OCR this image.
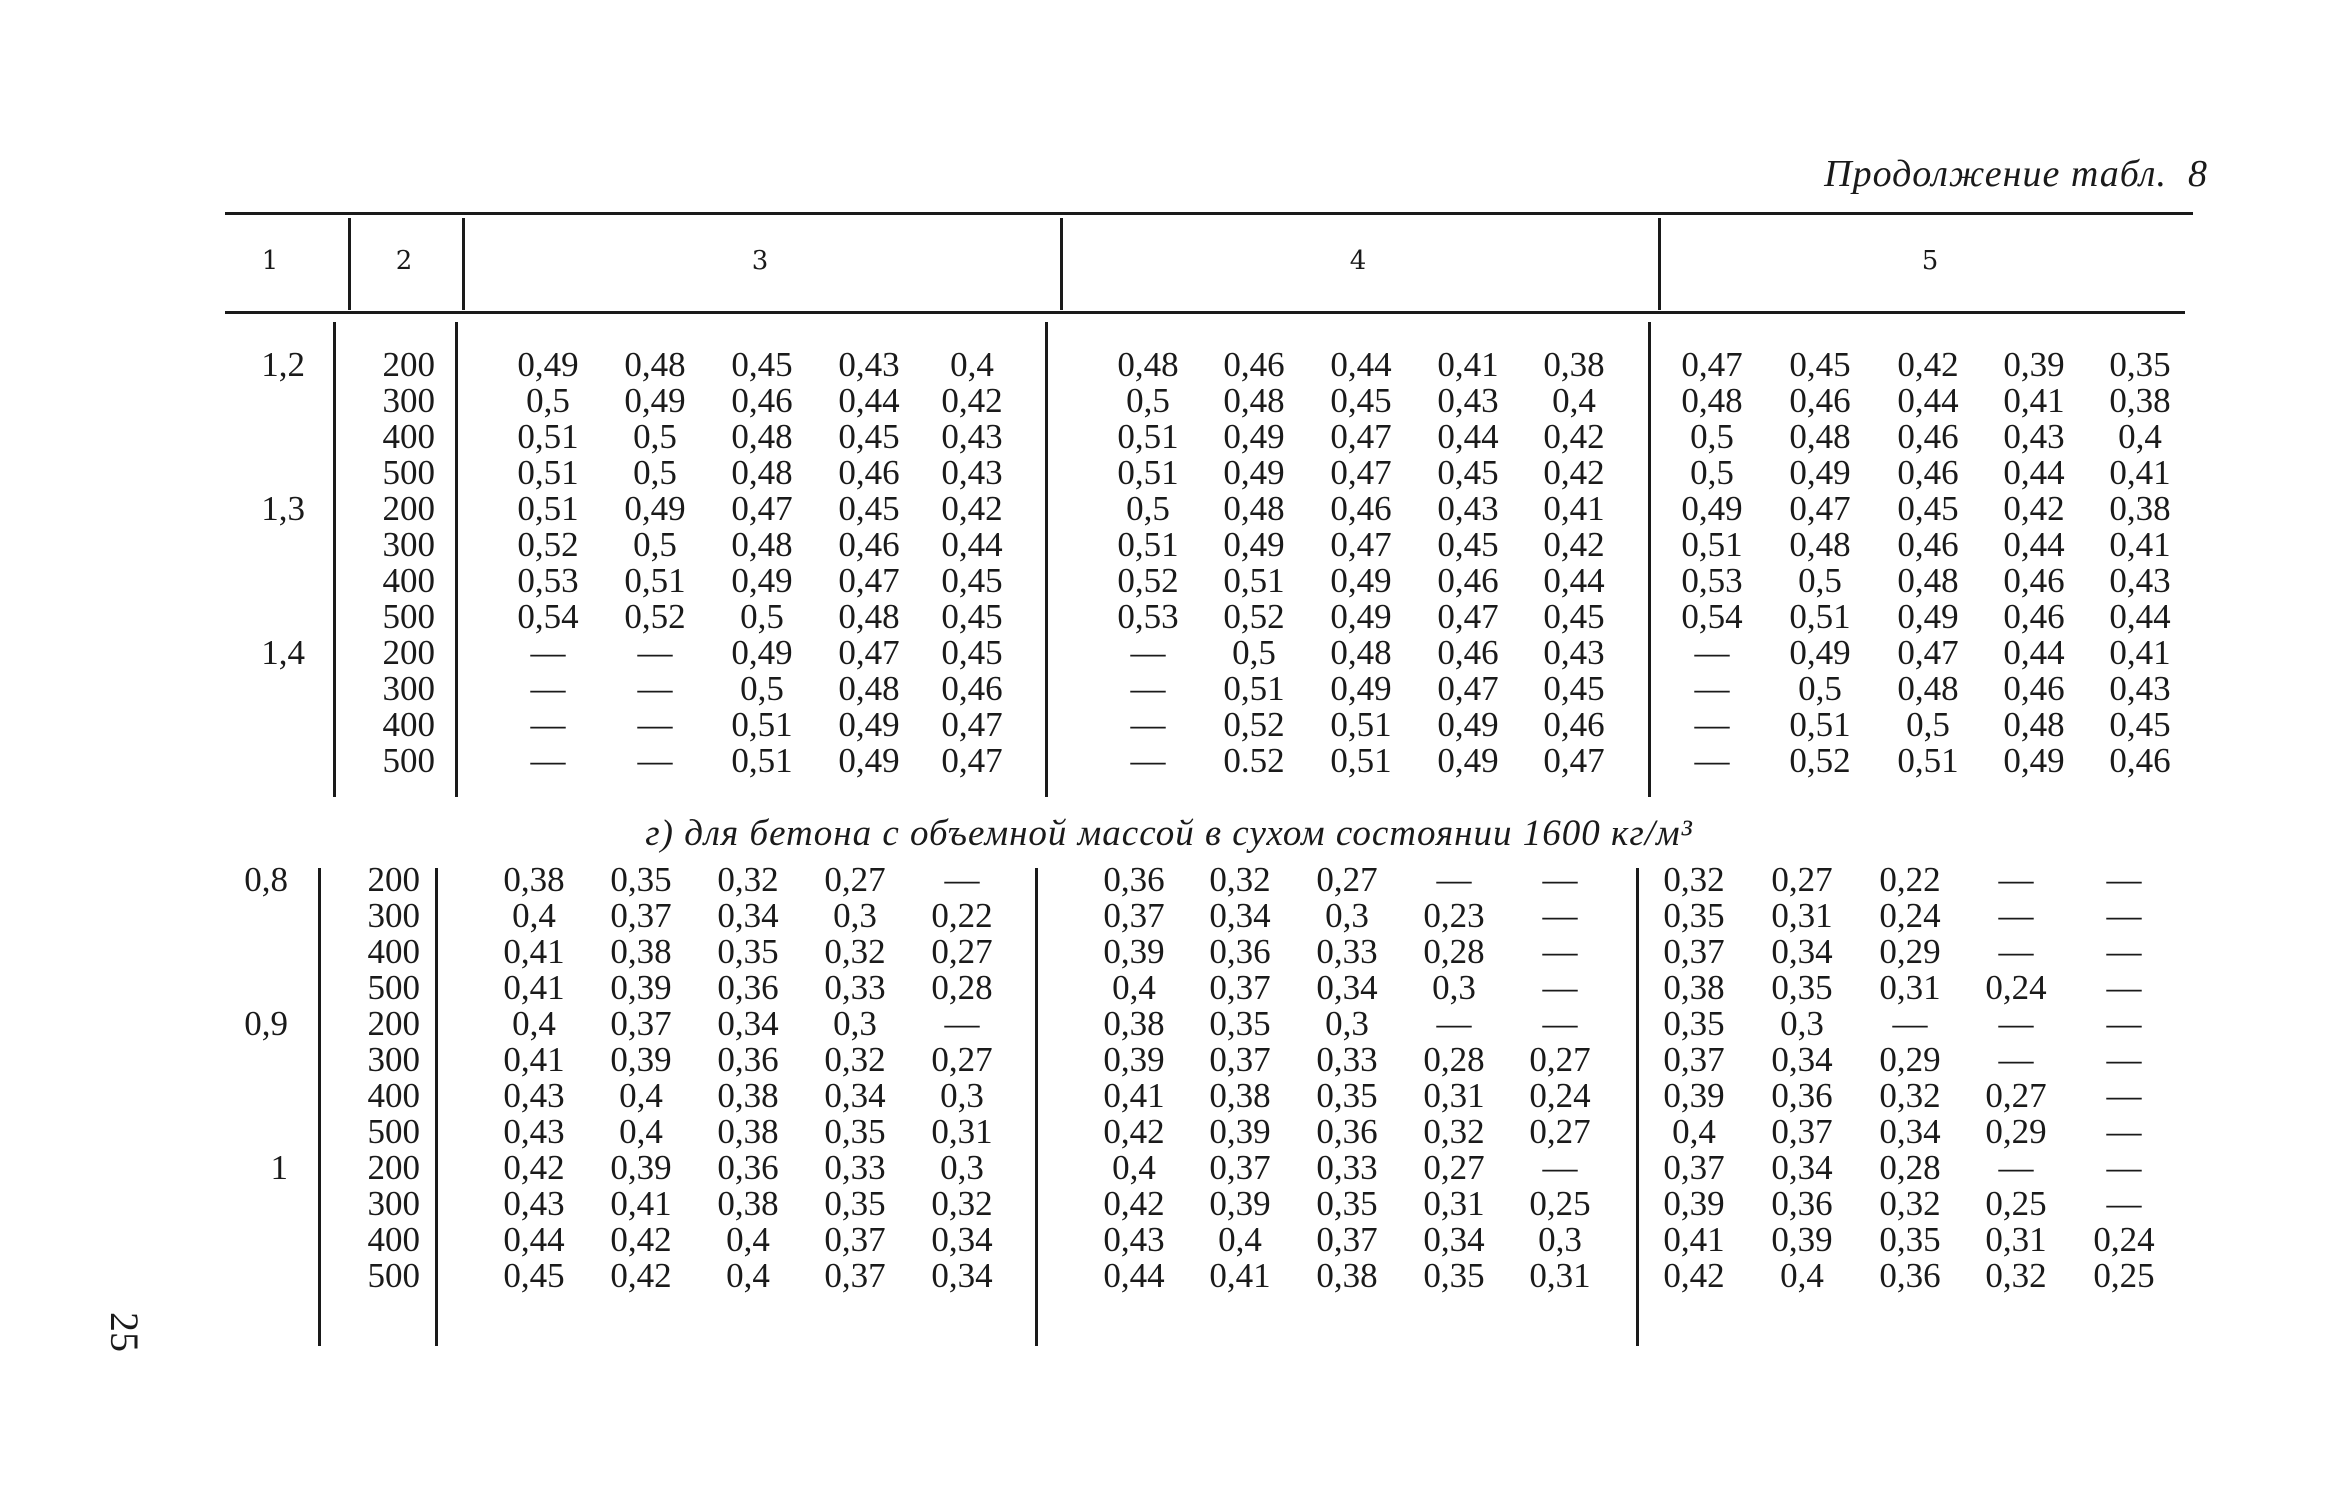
Продолжение табл.  8
25
1	2	3	4	5
г) для бетона с объемной массой в сухом состоянии 1600 кг/м³
1,2	200	0,49	0,48	0,45	0,43	0,4	0,48	0,46	0,44	0,41	0,38	0,47	0,45	0,42	0,39	0,35
300	0,5	0,49	0,46	0,44	0,42	0,5	0,48	0,45	0,43	0,4	0,48	0,46	0,44	0,41	0,38
400	0,51	0,5	0,48	0,45	0,43	0,51	0,49	0,47	0,44	0,42	0,5	0,48	0,46	0,43	0,4
500	0,51	0,5	0,48	0,46	0,43	0,51	0,49	0,47	0,45	0,42	0,5	0,49	0,46	0,44	0,41
1,3	200	0,51	0,49	0,47	0,45	0,42	0,5	0,48	0,46	0,43	0,41	0,49	0,47	0,45	0,42	0,38
300	0,52	0,5	0,48	0,46	0,44	0,51	0,49	0,47	0,45	0,42	0,51	0,48	0,46	0,44	0,41
400	0,53	0,51	0,49	0,47	0,45	0,52	0,51	0,49	0,46	0,44	0,53	0,5	0,48	0,46	0,43
500	0,54	0,52	0,5	0,48	0,45	0,53	0,52	0,49	0,47	0,45	0,54	0,51	0,49	0,46	0,44
1,4	200	—	—	0,49	0,47	0,45	—	0,5	0,48	0,46	0,43	—	0,49	0,47	0,44	0,41
300	—	—	0,5	0,48	0,46	—	0,51	0,49	0,47	0,45	—	0,5	0,48	0,46	0,43
400	—	—	0,51	0,49	0,47	—	0,52	0,51	0,49	0,46	—	0,51	0,5	0,48	0,45
500	—	—	0,51	0,49	0,47	—	0.52	0,51	0,49	0,47	—	0,52	0,51	0,49	0,46
0,8	200	0,38	0,35	0,32	0,27	—	0,36	0,32	0,27	—	—	0,32	0,27	0,22	—	—
300	0,4	0,37	0,34	0,3	0,22	0,37	0,34	0,3	0,23	—	0,35	0,31	0,24	—	—
400	0,41	0,38	0,35	0,32	0,27	0,39	0,36	0,33	0,28	—	0,37	0,34	0,29	—	—
500	0,41	0,39	0,36	0,33	0,28	0,4	0,37	0,34	0,3	—	0,38	0,35	0,31	0,24	—
0,9	200	0,4	0,37	0,34	0,3	—	0,38	0,35	0,3	—	—	0,35	0,3	—	—	—
300	0,41	0,39	0,36	0,32	0,27	0,39	0,37	0,33	0,28	0,27	0,37	0,34	0,29	—	—
400	0,43	0,4	0,38	0,34	0,3	0,41	0,38	0,35	0,31	0,24	0,39	0,36	0,32	0,27	—
500	0,43	0,4	0,38	0,35	0,31	0,42	0,39	0,36	0,32	0,27	0,4	0,37	0,34	0,29	—
1	200	0,42	0,39	0,36	0,33	0,3	0,4	0,37	0,33	0,27	—	0,37	0,34	0,28	—	—
300	0,43	0,41	0,38	0,35	0,32	0,42	0,39	0,35	0,31	0,25	0,39	0,36	0,32	0,25	—
400	0,44	0,42	0,4	0,37	0,34	0,43	0,4	0,37	0,34	0,3	0,41	0,39	0,35	0,31	0,24
500	0,45	0,42	0,4	0,37	0,34	0,44	0,41	0,38	0,35	0,31	0,42	0,4	0,36	0,32	0,25
